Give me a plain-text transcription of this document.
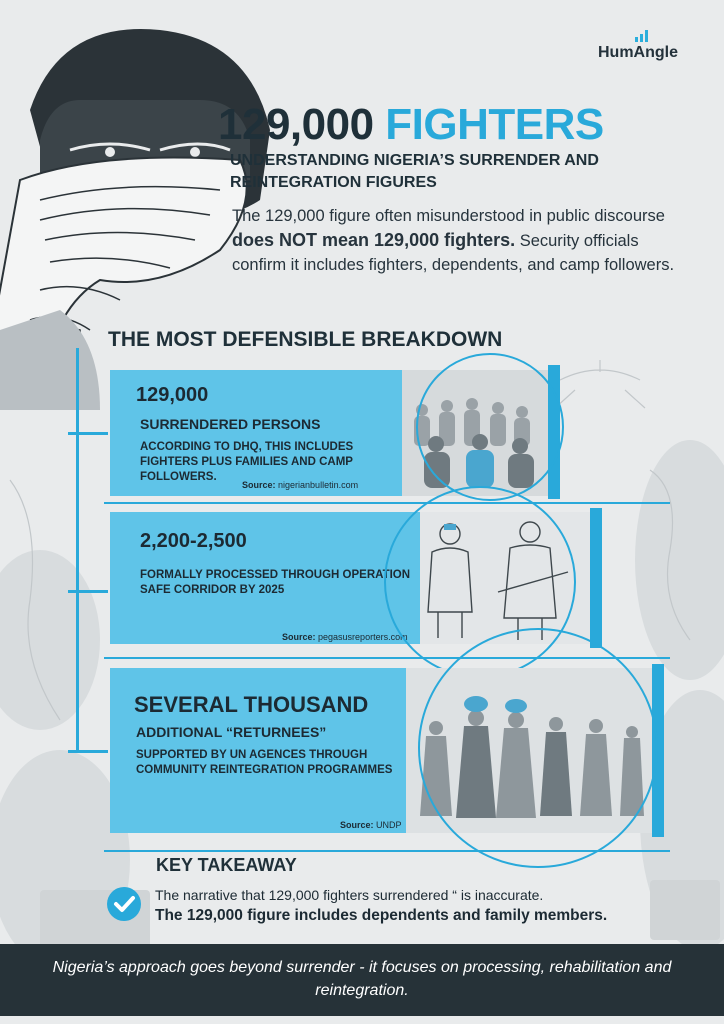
HumAngle
129,000 FIGHTERS
UNDERSTANDING NIGERIA’S SURRENDER AND REINTEGRATION FIGURES
The 129,000 figure often misunderstood in public discourse does NOT mean 129,000 fighters. Security officials confirm it includes fighters, dependents, and camp followers.
THE MOST DEFENSIBLE BREAKDOWN
129,000
SURRENDERED PERSONS
ACCORDING TO DHQ, THIS INCLUDES FIGHTERS PLUS FAMILIES AND CAMP FOLLOWERS.
Source: nigerianbulletin.com
2,200-2,500
FORMALLY PROCESSED THROUGH OPERATION SAFE CORRIDOR BY 2025
Source: pegasusreporters.com
SEVERAL THOUSAND
ADDITIONAL “RETURNEES”
SUPPORTED BY UN AGENCES THROUGH COMMUNITY REINTEGRATION PROGRAMMES
Source: UNDP
KEY TAKEAWAY
The narrative that 129,000 fighters surrendered “ is inaccurate.
The 129,000 figure includes dependents and family members.
Nigeria’s approach goes beyond surrender - it focuses on processing, rehabilitation and reintegration.
